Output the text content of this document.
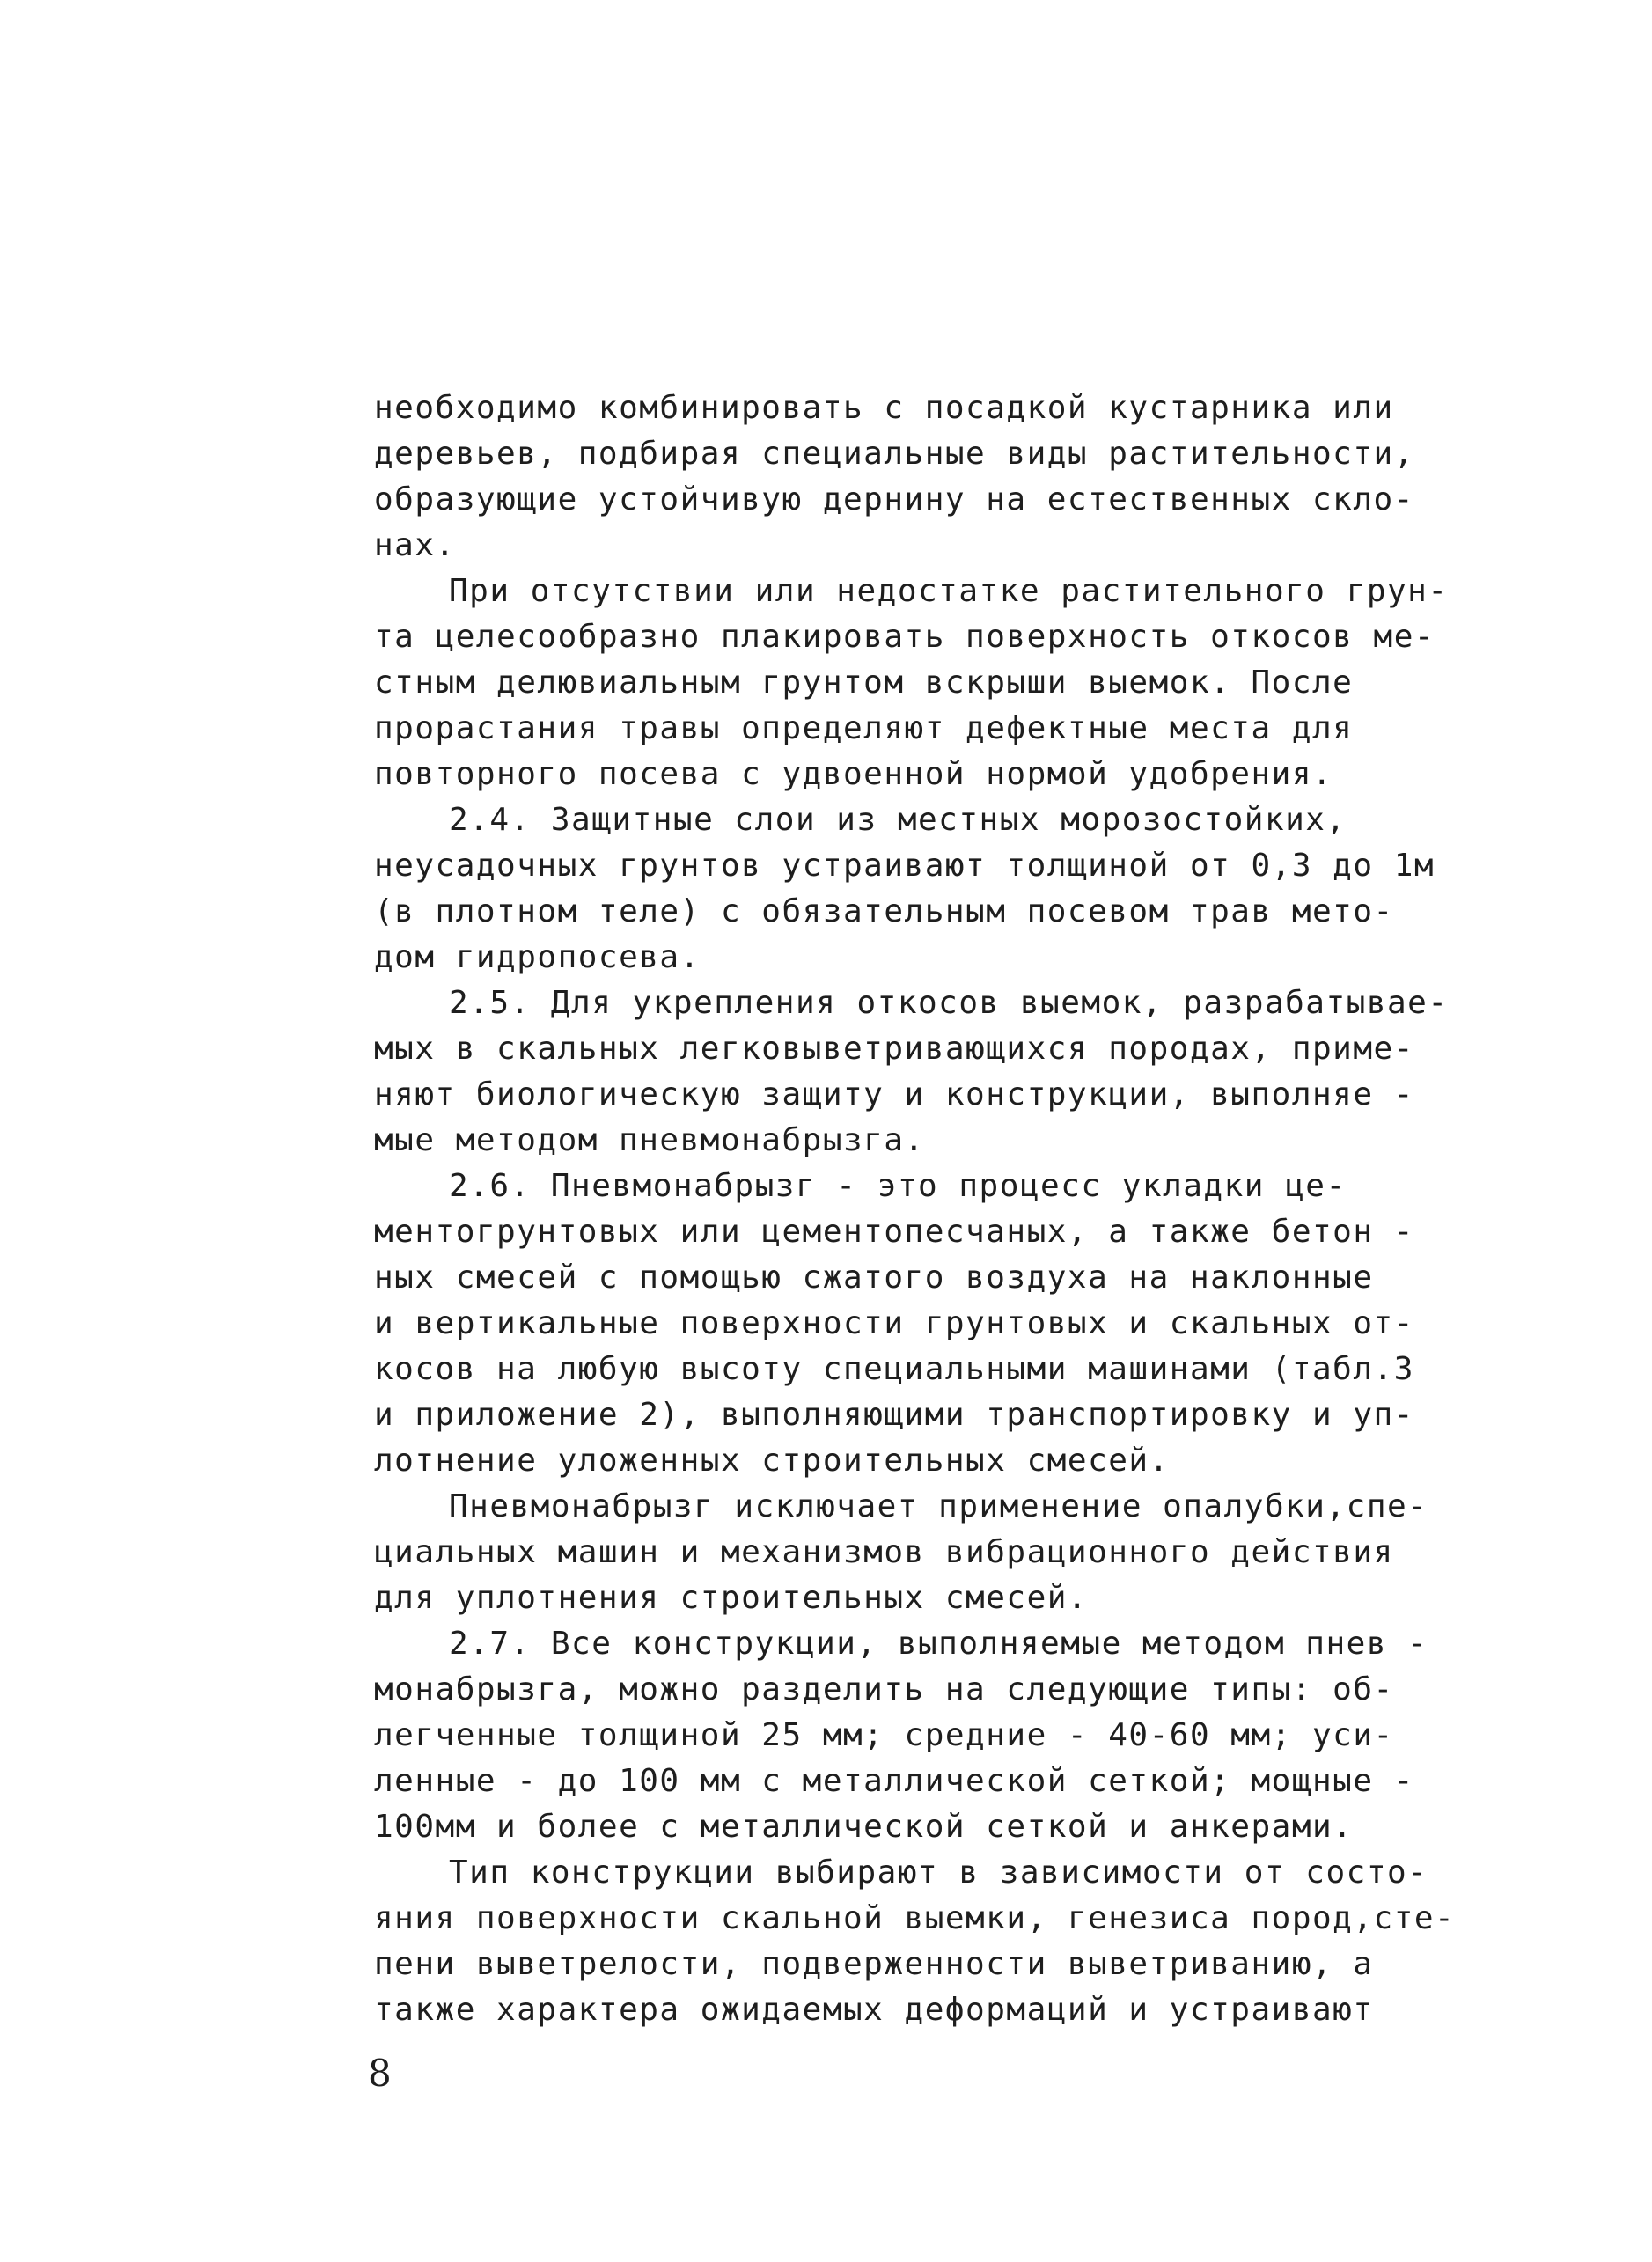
необходимо комбинировать с посадкой кустарника или
деревьев, подбирая специальные виды растительности,
образующие устойчивую дернину на естественных скло-
нах.
При отсутствии или недостатке растительного грун-
та целесообразно плакировать поверхность откосов ме-
стным делювиальным грунтом вскрыши выемок. После
прорастания травы определяют дефектные места для
повторного посева с удвоенной нормой удобрения.
2.4. Защитные слои из местных морозостойких,
неусадочных грунтов устраивают толщиной от 0,3 до 1м
(в плотном теле) с обязательным посевом трав мето-
дом гидропосева.
2.5. Для укрепления откосов выемок, разрабатывае-
мых в скальных легковыветривающихся породах, приме-
няют биологическую защиту и конструкции, выполняе -
мые методом пневмонабрызга.
2.6. Пневмонабрызг - это процесс укладки це-
ментогрунтовых или цементопесчаных, а также бетон -
ных смесей с помощью сжатого воздуха на наклонные
и вертикальные поверхности грунтовых и скальных от-
косов на любую высоту специальными машинами (табл.3
и приложение 2), выполняющими транспортировку и уп-
лотнение уложенных строительных смесей.
Пневмонабрызг исключает применение опалубки,спе-
циальных машин и механизмов вибрационного действия
для уплотнения строительных смесей.
2.7. Все конструкции, выполняемые методом пнев -
монабрызга, можно разделить на следующие типы: об-
легченные толщиной 25 мм; средние - 40-60 мм; уси-
ленные - до 100 мм с металлической сеткой; мощные -
100мм и более с металлической сеткой и анкерами.
Тип конструкции выбирают в зависимости от состо-
яния поверхности скальной выемки, генезиса пород,сте-
пени выветрелости, подверженности выветриванию, а
также характера ожидаемых деформаций и устраивают
8
